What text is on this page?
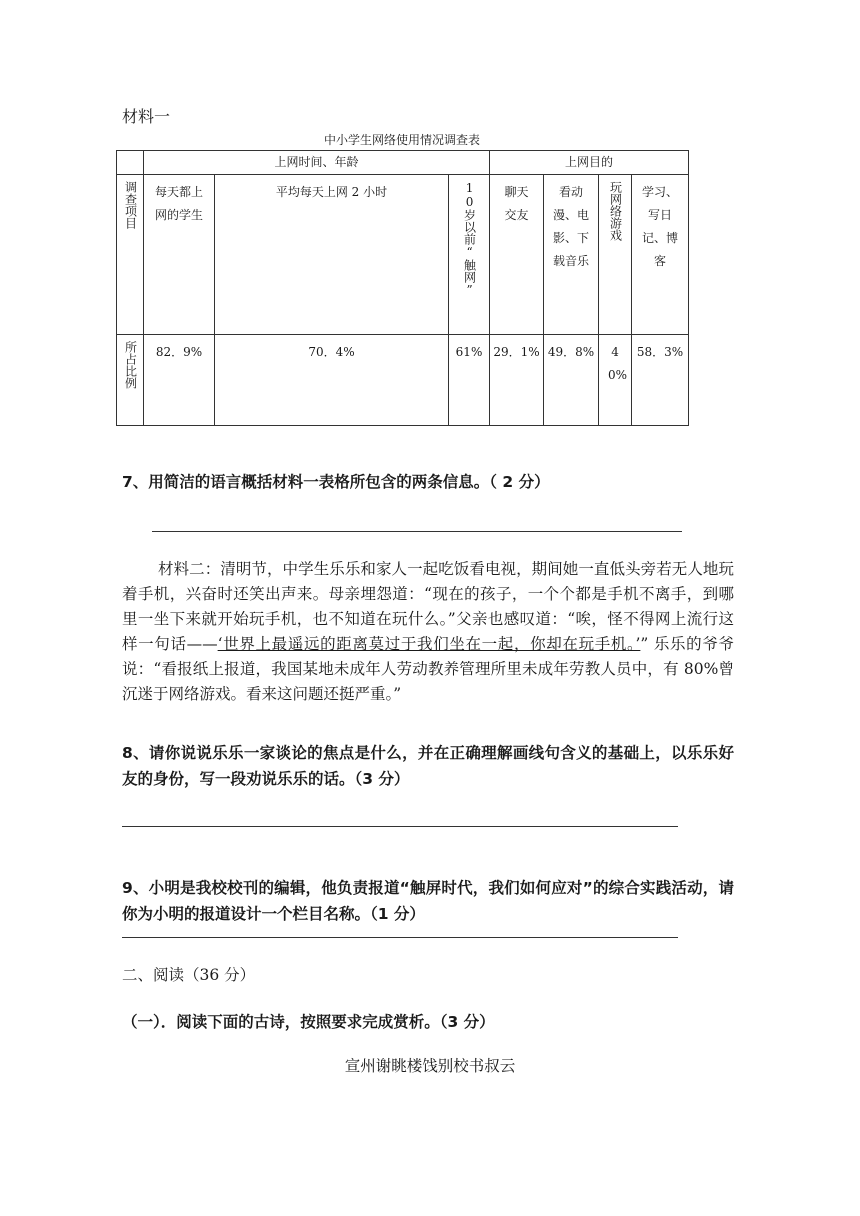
材料一
中小学生网络使用情况调查表
	上网时间、年龄			上网目的			
调查项目	每天都上网的学生	平均每天上网 2 小时	10岁以前“触网”	聊天交友	看动漫、电影、下载音乐	玩网络游戏	学习、写日记、博客
所占比例	82．9%	70．4%	61%	29．1%	49．8%	40%	58．3%
7、用简洁的语言概括材料一表格所包含的两条信息。（ 2 分）
材料二：清明节，中学生乐乐和家人一起吃饭看电视，期间她一直低头旁若无人地玩着手机，兴奋时还笑出声来。母亲埋怨道：“现在的孩子，一个个都是手机不离手，到哪里一坐下来就开始玩手机，也不知道在玩什么。”父亲也感叹道：“唉，怪不得网上流行这样一句话——‘世界上最遥远的距离莫过于我们坐在一起，你却在玩手机。’” 乐乐的爷爷说：“看报纸上报道，我国某地未成年人劳动教养管理所里未成年劳教人员中，有 80%曾沉迷于网络游戏。看来这问题还挺严重。”
8、请你说说乐乐一家谈论的焦点是什么，并在正确理解画线句含义的基础上，以乐乐好友的身份，写一段劝说乐乐的话。（3 分）
9、小明是我校校刊的编辑，他负责报道“触屏时代，我们如何应对”的综合实践活动，请你为小明的报道设计一个栏目名称。（1 分）
二、阅读（36 分）
（一）．阅读下面的古诗，按照要求完成赏析。（3 分）
宣州谢眺楼饯别校书叔云
